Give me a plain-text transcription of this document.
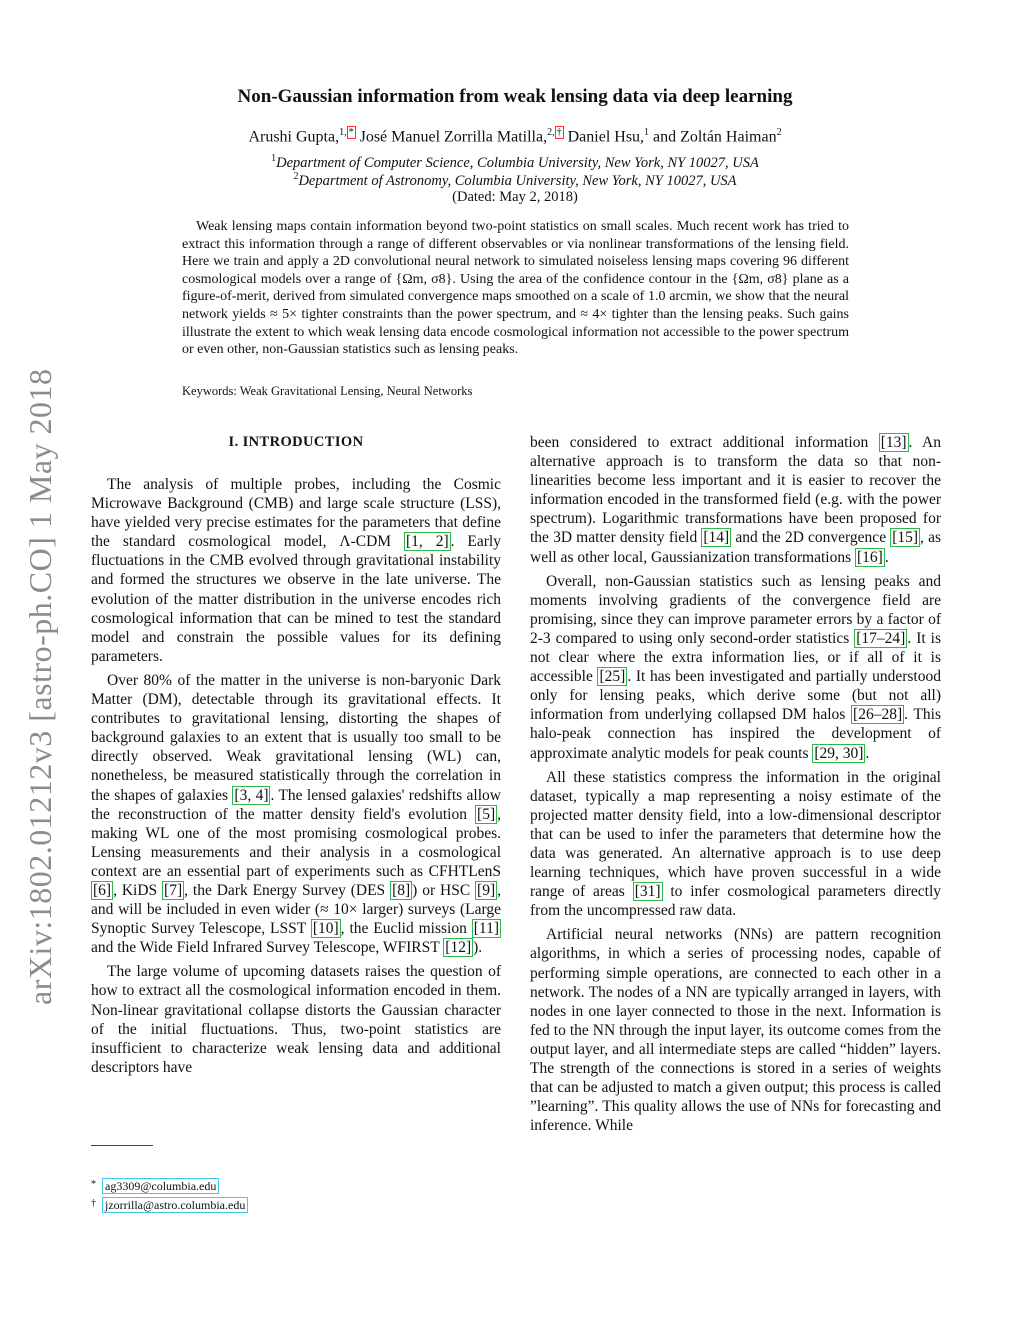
arXiv:1802.01212v3 [astro-ph.CO] 1 May 2018
Non-Gaussian information from weak lensing data via deep learning
Arushi Gupta,$^{1,}$ * José Manuel Zorrilla Matilla,$^{2,}$ † Daniel Hsu,$^1$ and Zoltán Haiman$^2$
$^1$Department of Computer Science, Columbia University, New York, NY 10027, USA
$^2$Department of Astronomy, Columbia University, New York, NY 10027, USA
(Dated: May 2, 2018)

Weak lensing maps contain information beyond two-point statistics on small scales. Much recent work has tried to extract this information through a range of different observables or via nonlinear transformations of the lensing field. Here we train and apply a 2D convolutional neural network to simulated noiseless lensing maps covering 96 different cosmological models over a range of {Ωm, σ8}. Using the area of the confidence contour in the {Ωm, σ8} plane as a figure-of-merit, derived from simulated convergence maps smoothed on a scale of 1.0 arcmin, we show that the neural network yields ≈ 5× tighter constraints than the power spectrum, and ≈ 4× tighter than the lensing peaks. Such gains illustrate the extent to which weak lensing data encode cosmological information not accessible to the power spectrum or even other, non-Gaussian statistics such as lensing peaks.

Keywords: Weak Gravitational Lensing, Neural Networks
I. INTRODUCTION

The analysis of multiple probes, including the Cosmic Microwave Background (CMB) and large scale structure (LSS), have yielded very precise estimates for the parameters that define the standard cosmological model, Λ-CDM [1, 2] . Early fluctuations in the CMB evolved through gravitational instability and formed the structures we observe in the late universe. The evolution of the matter distribution in the universe encodes rich cosmological information that can be mined to test the standard model and constrain the possible values for its defining parameters.

Over 80% of the matter in the universe is non-baryonic Dark Matter (DM), detectable through its gravitational effects. It contributes to gravitational lensing, distorting the shapes of background galaxies to an extent that is usually too small to be directly observed. Weak gravitational lensing (WL) can, nonetheless, be measured statistically through the correlation in the shapes of galaxies [3, 4] . The lensed galaxies' redshifts allow the reconstruction of the matter density field's evolution [5] , making WL one of the most promising cosmological probes. Lensing measurements and their analysis in a cosmological context are an essential part of experiments such as CFHTLenS [6] , KiDS [7] , the Dark Energy Survey (DES [8] ) or HSC [9] , and will be included in even wider (≈ 10× larger) surveys (Large Synoptic Survey Telescope, LSST [10] , the Euclid mission [11] and the Wide Field Infrared Survey Telescope, WFIRST [12] ).

The large volume of upcoming datasets raises the question of how to extract all the cosmological information encoded in them. Non-linear gravitational collapse distorts the Gaussian character of the initial fluctuations. Thus, two-point statistics are insufficient to characterize weak lensing data and additional descriptors have

been considered to extract additional information [13] . An alternative approach is to transform the data so that non-linearities become less important and it is easier to recover the information encoded in the transformed field (e.g. with the power spectrum). Logarithmic transformations have been proposed for the 3D matter density field [14] and the 2D convergence [15] , as well as other local, Gaussianization transformations [16] .

Overall, non-Gaussian statistics such as lensing peaks and moments involving gradients of the convergence field are promising, since they can improve parameter errors by a factor of 2-3 compared to using only second-order statistics [17–24] . It is not clear where the extra information lies, or if all of it is accessible [25] . It has been investigated and partially understood only for lensing peaks, which derive some (but not all) information from underlying collapsed DM halos [26–28] . This halo-peak connection has inspired the development of approximate analytic models for peak counts [29, 30] .

All these statistics compress the information in the original dataset, typically a map representing a noisy estimate of the projected matter density field, into a low-dimensional descriptor that can be used to infer the parameters that determine how the data was generated. An alternative approach is to use deep learning techniques, which have proven successful in a wide range of areas [31] to infer cosmological parameters directly from the uncompressed raw data.

Artificial neural networks (NNs) are pattern recognition algorithms, in which a series of processing nodes, capable of performing simple operations, are connected to each other in a network. The nodes of a NN are typically arranged in layers, with nodes in one layer connected to those in the next. Information is fed to the NN through the input layer, its outcome comes from the output layer, and all intermediate steps are called “hidden” layers. The strength of the connections is stored in a series of weights that can be adjusted to match a given output; this process is called ”learning”. This quality allows the use of NNs for forecasting and inference. While

* ag3309@columbia.edu
† jzorrilla@astro.columbia.edu
